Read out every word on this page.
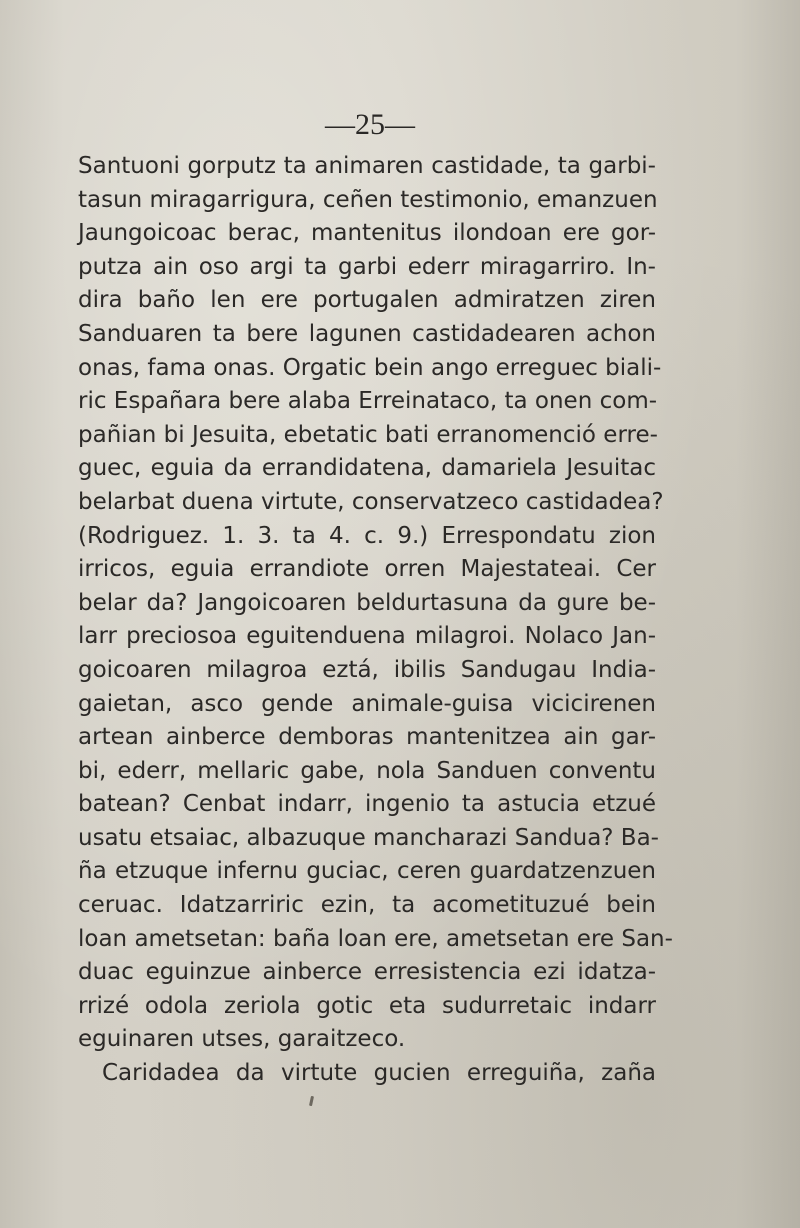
—25—
Santuoni gorputz ta animaren castidade, ta garbi-
tasun miragarrigura, ceñen testimonio, emanzuen
Jaungoicoac berac, mantenitus ilondoan ere gor-
putza ain oso argi ta garbi ederr miragarriro. In-
dira baño len ere portugalen admiratzen ziren
Sanduaren ta bere lagunen castidadearen achon
onas, fama onas. Orgatic bein ango erreguec biali-
ric Españara bere alaba Erreinataco, ta onen com-
pañian bi Jesuita, ebetatic bati erranomenció erre-
guec, eguia da errandidatena, damariela Jesuitac
belarbat duena virtute, conservatzeco castidadea?
(Rodriguez. 1. 3. ta 4. c. 9.) Errespondatu zion
irricos, eguia errandiote orren Majestateai. Cer
belar da? Jangoicoaren beldurtasuna da gure be-
larr preciosoa eguitenduena milagroi. Nolaco Jan-
goicoaren milagroa eztá, ibilis Sandugau India-
gaietan, asco gende animale-guisa vicicirenen
artean ainberce demboras mantenitzea ain gar-
bi, ederr, mellaric gabe, nola Sanduen conventu
batean? Cenbat indarr, ingenio ta astucia etzué
usatu etsaiac, albazuque mancharazi Sandua? Ba-
ña etzuque infernu guciac, ceren guardatzenzuen
ceruac. Idatzarriric ezin, ta acometituzué bein
loan ametsetan: baña loan ere, ametsetan ere San-
duac eguinzue ainberce erresistencia ezi idatza-
rrizé odola zeriola gotic eta sudurretaic indarr
eguinaren utses, garaitzeco.
Caridadea da virtute gucien erreguiña, zaña
